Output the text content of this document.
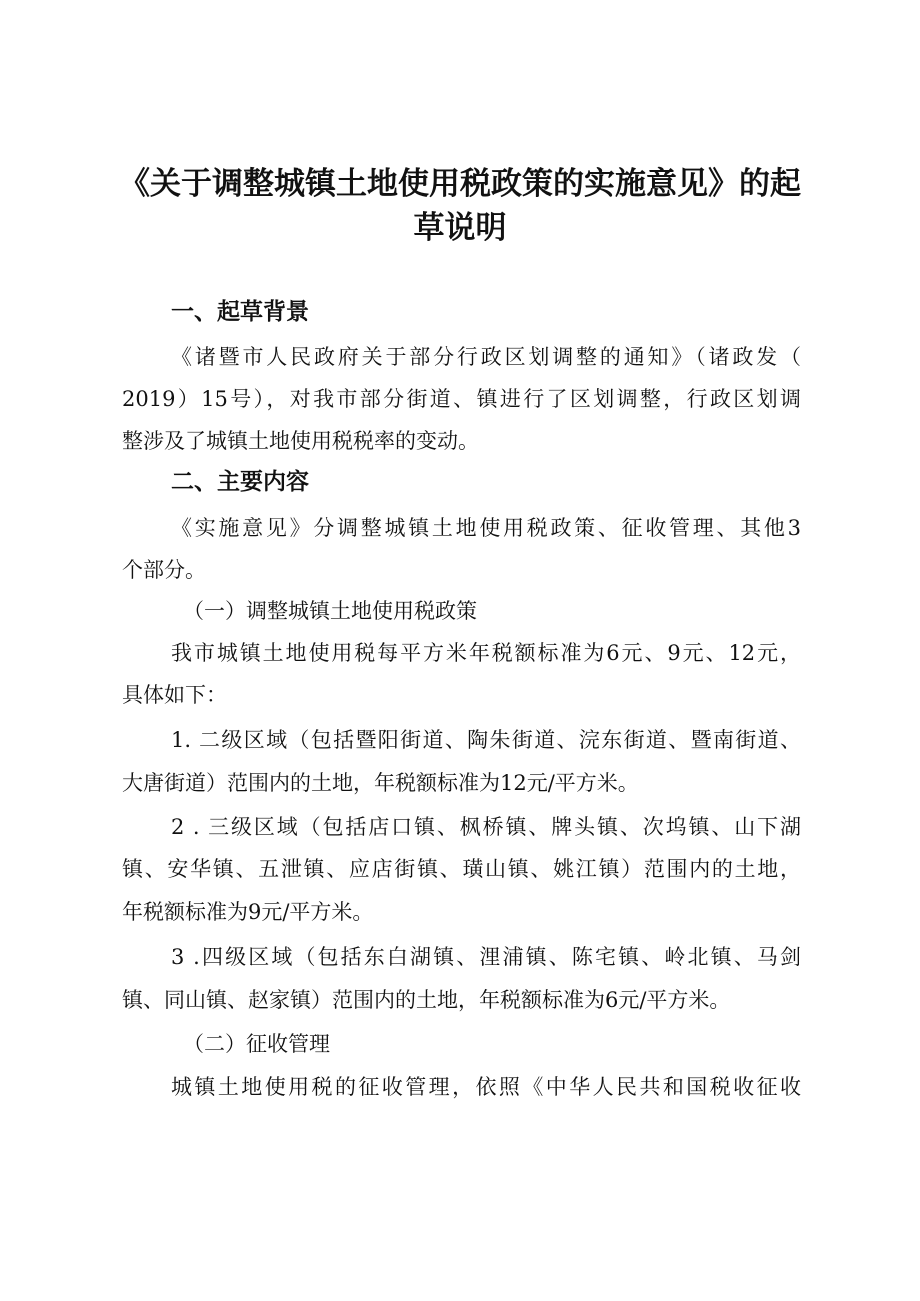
《关于调整城镇土地使用税政策的实施意见》的起
草说明
一、起草背景

《诸暨市人民政府关于部分行政区划调整的通知》（诸政发（

2019）15号），对我市部分街道、镇进行了区划调整，行政区划调

整涉及了城镇土地使用税税率的变动。

二、主要内容

《实施意见》分调整城镇土地使用税政策、征收管理、其他3

个部分。

（一）调整城镇土地使用税政策

我市城镇土地使用税每平方米年税额标准为6元、9元、12元，

具体如下：

1. 二级区域（包括暨阳街道、陶朱街道、浣东街道、暨南街道、

大唐街道）范围内的土地，年税额标准为12元/平方米。

2 . 三级区域（包括店口镇、枫桥镇、牌头镇、次坞镇、山下湖

镇、安华镇、五泄镇、应店街镇、璜山镇、姚江镇）范围内的土地，

年税额标准为9元/平方米。

3 .四级区域（包括东白湖镇、浬浦镇、陈宅镇、岭北镇、马剑

镇、同山镇、赵家镇）范围内的土地，年税额标准为6元/平方米。

（二）征收管理

城镇土地使用税的征收管理，依照《中华人民共和国税收征收
